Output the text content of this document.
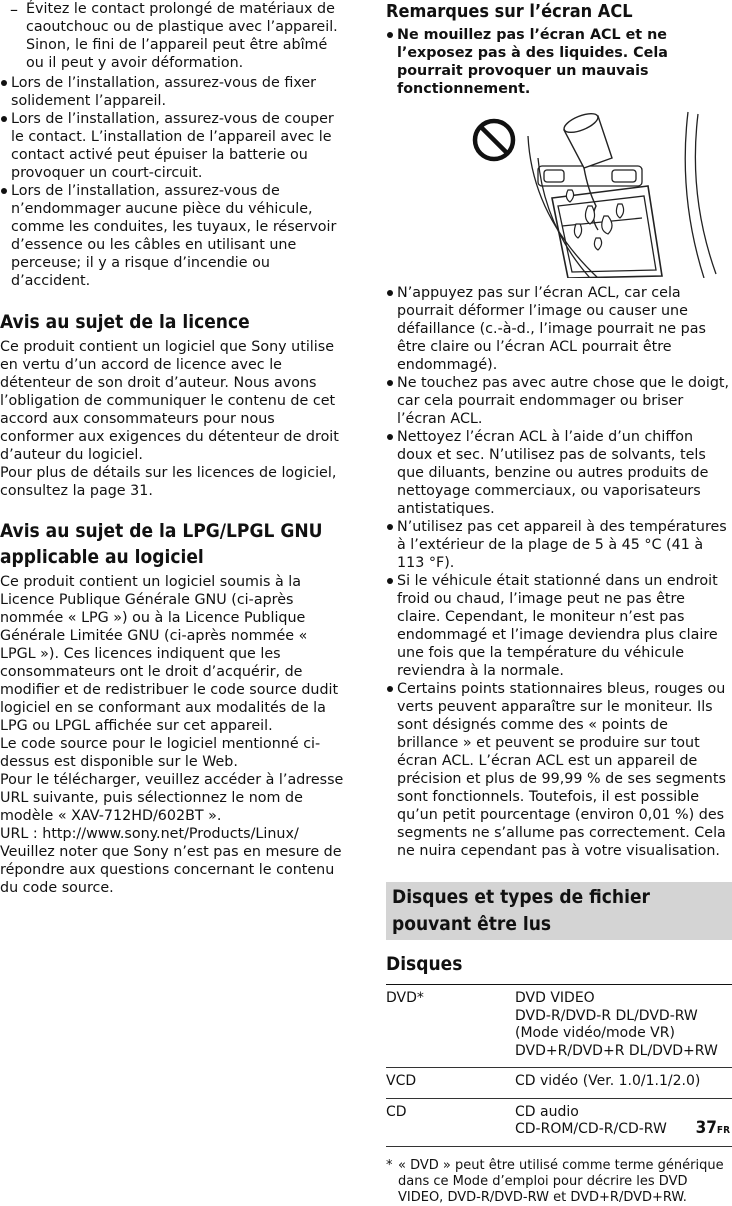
– Évitez le contact prolongé de matériaux de caoutchouc ou de plastique avec l’appareil. Sinon, le fini de l’appareil peut être abîmé ou il peut y avoir déformation.

Lors de l’installation, assurez-vous de fixer solidement l’appareil.
Lors de l’installation, assurez-vous de couper le contact. L’installation de l’appareil avec le contact activé peut épuiser la batterie ou provoquer un court-circuit.
Lors de l’installation, assurez-vous de n’endommager aucune pièce du véhicule, comme les conduites, les tuyaux, le réservoir d’essence ou les câbles en utilisant une perceuse; il y a risque d’incendie ou d’accident.
Avis au sujet de la licence

Ce produit contient un logiciel que Sony utilise en vertu d’un accord de licence avec le détenteur de son droit d’auteur. Nous avons l’obligation de communiquer le contenu de cet accord aux consommateurs pour nous conformer aux exigences du détenteur de droit d’auteur du logiciel.

Pour plus de détails sur les licences de logiciel, consultez la page 31.

Avis au sujet de la LPG/LPGL GNU applicable au logiciel

Ce produit contient un logiciel soumis à la Licence Publique Générale GNU (ci-après nommée « LPG ») ou à la Licence Publique Générale Limitée GNU (ci-après nommée « LPGL »). Ces licences indiquent que les consommateurs ont le droit d’acquérir, de modifier et de redistribuer le code source dudit logiciel en se conformant aux modalités de la LPG ou LPGL affichée sur cet appareil.

Le code source pour le logiciel mentionné ci-dessus est disponible sur le Web.

Pour le télécharger, veuillez accéder à l’adresse URL suivante, puis sélectionnez le nom de modèle « XAV-712HD/602BT ».

URL : http://www.sony.net/Products/Linux/

Veuillez noter que Sony n’est pas en mesure de répondre aux questions concernant le contenu du code source.

Remarques sur l’écran ACL
Ne mouillez pas l’écran ACL et ne l’exposez pas à des liquides. Cela pourrait provoquer un mauvais fonctionnement.
N’appuyez pas sur l’écran ACL, car cela pourrait déformer l’image ou causer une défaillance (c.-à-d., l’image pourrait ne pas être claire ou l’écran ACL pourrait être endommagé).
Ne touchez pas avec autre chose que le doigt, car cela pourrait endommager ou briser l’écran ACL.
Nettoyez l’écran ACL à l’aide d’un chiffon doux et sec. N’utilisez pas de solvants, tels que diluants, benzine ou autres produits de nettoyage commerciaux, ou vaporisateurs antistatiques.
N’utilisez pas cet appareil à des températures à l’extérieur de la plage de 5 à 45 °C (41 à 113 °F).
Si le véhicule était stationné dans un endroit froid ou chaud, l’image peut ne pas être claire. Cependant, le moniteur n’est pas endommagé et l’image deviendra plus claire une fois que la température du véhicule reviendra à la normale.
Certains points stationnaires bleus, rouges ou verts peuvent apparaître sur le moniteur. Ils sont désignés comme des « points de brillance » et peuvent se produire sur tout écran ACL. L’écran ACL est un appareil de précision et plus de 99,99 % de ses segments sont fonctionnels. Toutefois, il est possible qu’un petit pourcentage (environ 0,01 %) des segments ne s’allume pas correctement. Cela ne nuira cependant pas à votre visualisation.
Disques et types de fichier pouvant être lus
Disques
DVD*	DVD VIDEO
DVD-R/DVD-R DL/DVD-RW
(Mode vidéo/mode VR)
DVD+R/DVD+R DL/DVD+RW

VCD	CD vidéo (Ver. 1.0/1.1/2.0)

CD	CD audio
CD-ROM/CD-R/CD-RW
* « DVD » peut être utilisé comme terme générique dans ce Mode d’emploi pour décrire les DVD VIDEO, DVD-R/DVD-RW et DVD+R/DVD+RW.
37FR
